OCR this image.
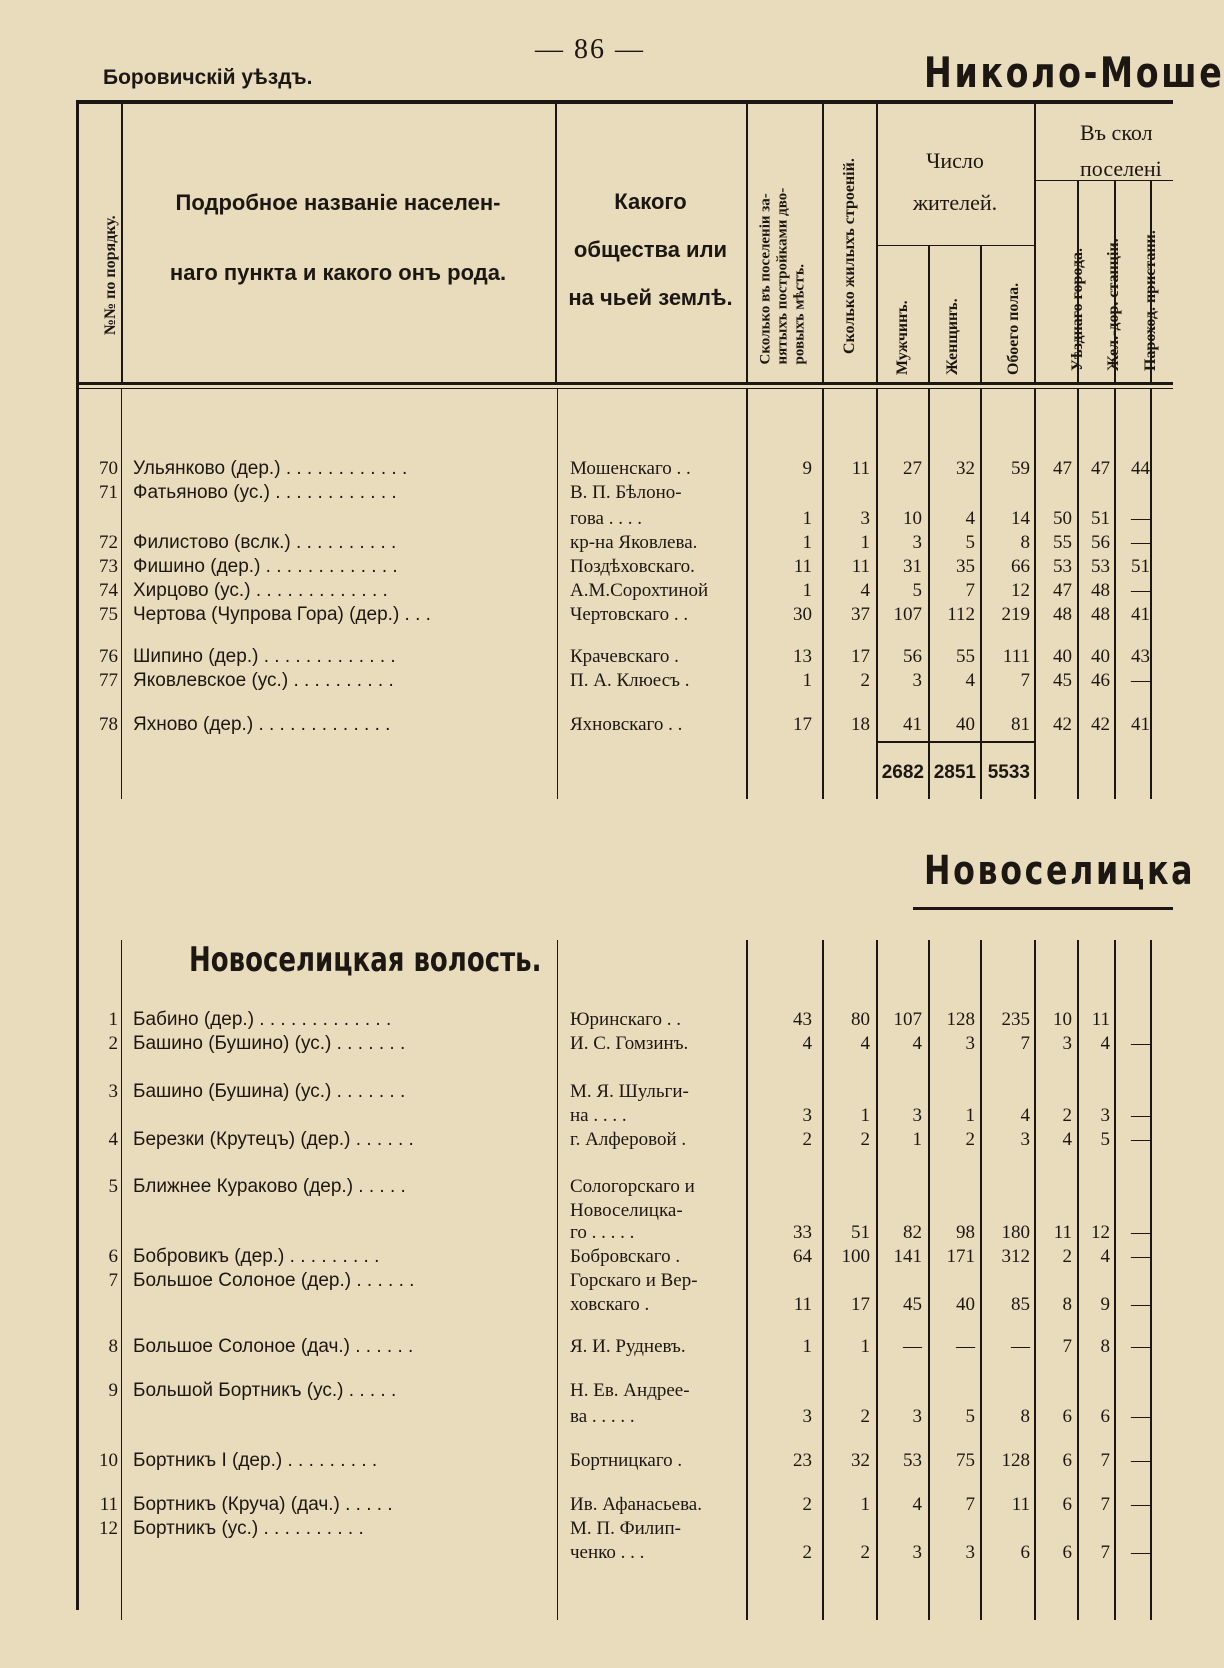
— 86 —
Боровичскій уѣздъ.	Николо-Моше
№№ по порядку.
Подробное названіе населен-
наго пункта и какого онъ рода.
Какого
общества или
на чьей землѣ.	Сколько въ поселеніи за- нятыхъ постройками дво- ровыхъ мѣстъ. Сколько жилыхъ строеній.	Число
жителей.
Мужчинъ. Женщинъ.	Обоего пола.
Въ скол
поселені
Уѣзднаго города. Жел.-дор. станціи. Пароход. пристани.
70 Ульянково (дер.) . . . . . . . . . . . .	Мошенскаго . .	9 11 27 32 59 47 47 44
71 Фатьяново (ус.) . . . . . . . . . . . .	В. П. Бѣлоно-
гова . . . .	1	3 10 4 14 50 51 —
72 Филистово (вслк.) . . . . . . . . . .	кр-на Яковлева.	1	1 3 5 8 55 56 —
73 Фишино (дер.) . . . . . . . . . . . . .	Поздѣховскаго.	11 11 31 35 66 53 53 51
74 Хирцово (ус.) . . . . . . . . . . . . .	А.М.Сорохтиной	1	4 5 7 12 47 48 —
75 Чертова (Чупрова Гора) (дер.) . . .	Чертовскаго . .	30 37 107 112 219 48 48 41
76 Шипино (дер.) . . . . . . . . . . . . .	Крачевскаго .	13 17 56 55 111 40 40 43
77 Яковлевское (ус.) . . . . . . . . . .	П. А. Клюесъ .	1	2 3 4 7 45 46 —
78 Яхново (дер.) . . . . . . . . . . . . .	Яхновскаго . .	17 18 41 40 81 42 42 41
2682 2851 5533
Новоселицка
Новоселицкая волость.
1 Бабино (дер.) . . . . . . . . . . . . .	Юринскаго . .	43 80 107 128 235 10 11
2 Башино (Бушино) (ус.) . . . . . . .	И. С. Гомзинъ.	4	4 4 3 7 3 4 —
3 Башино (Бушина) (ус.) . . . . . . .	М. Я. Шульги-
на . . . .	3	1 3 1 4 2 3 —
4 Березки (Крутецъ) (дер.) . . . . . .	г. Алферовой .	2	2 1 2 3 4 5 —
5 Ближнее Кураково (дер.) . . . . .	Сологорскаго и
Новоселицка-
го . . . . .	33 51 82 98 180 11 12 —
6 Бобровикъ (дер.) . . . . . . . . .	Бобровскаго .	64 100 141 171 312 2 4 —
7 Большое Солоное (дер.) . . . . . .	Горскаго и Вер-
ховскаго .	11 17 45 40 85 8 9 —
8 Большое Солоное (дач.) . . . . . .	Я. И. Рудневъ.	1	1 — — — 7 8 —
9 Большой Бортникъ (ус.) . . . . .	Н. Ев. Андрее-
ва . . . . .	3	2 3 5 8 6 6 —
10 Бортникъ I (дер.) . . . . . . . . .	Бортницкаго .	23 32 53 75 128 6 7 —
11 Бортникъ (Круча) (дач.) . . . . .	Ив. Афанасьева.	2	1 4 7 11 6 7 —
12 Бортникъ (ус.) . . . . . . . . . .	М. П. Филип-
ченко . . .	2	2 3 3 6 6 7 —
